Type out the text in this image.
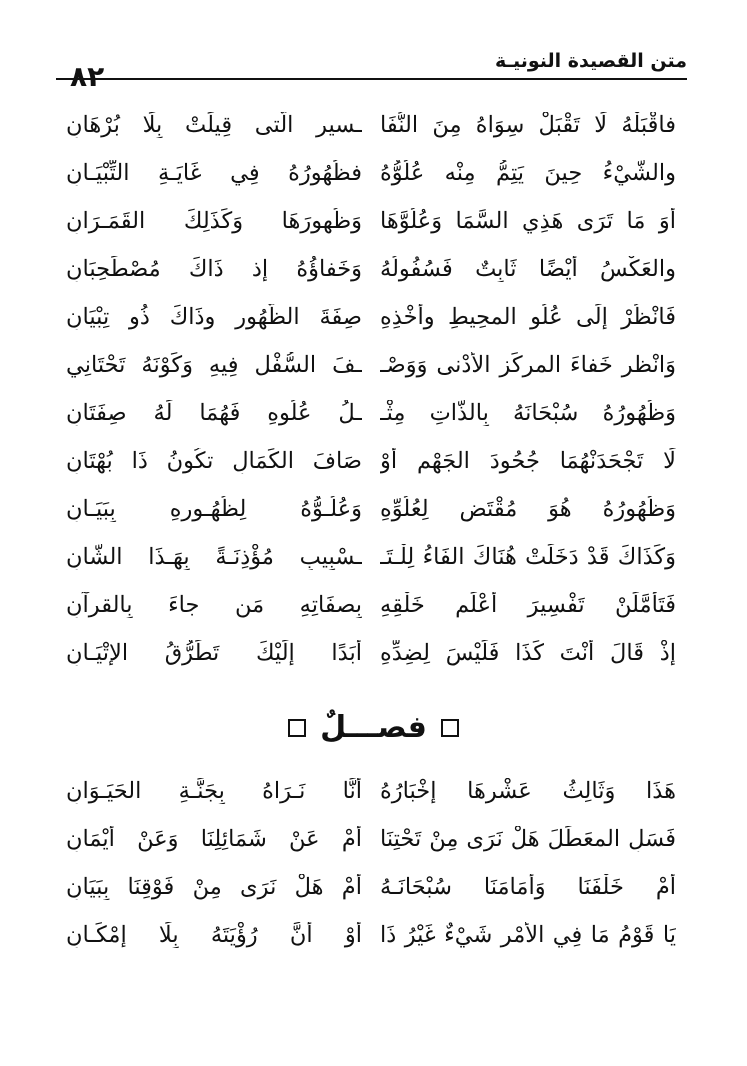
متن القصيدة النونيـة
٨٢
فاقْبَلْهُ لَا تَقْبَلْ سِوَاهُ مِنَ النُّفَا
ـسيرِ الَّتى قِيلَتْ بِلَا بُرْهَانِ
والشّيْءُ حِينَ يَتِمُّ مِنْه عُلُوُّهُ
فظُهُورُهُ فِي غَايَـةِ التِّبْيَـانِ
أَوَ مَا تَرَى هَذِي السَّمَا وَعُلُوَّهَا
وَظُهورَهَا وَكَذَلِكَ القَمَـرَانِ
والعَكْسُ أَيْضًا ثَابِتٌ فَسُفُولُهُ
وَخَفاؤُهُ إِذ ذَاكَ مُصْطَحِبَانِ
فَانْظُرْ إِلَى عُلُوِ المحِيطِ وأخْذِهِ
صِفَةَ الظُّهُورِ وذَاكَ ذُو تِبْيَانِ
وَانْظر خَفاءَ المركَزِ الأَدْنى وَوَصْـ
ـفَ السُّفْل فِيهِ وَكَوْنَهُ تَحْتَانِي
وَظُهُورُهُ سُبْحَانَهُ بِالذَّاتِ مِثْـ
ـلُ عُلُوِهِ فَهُمَا لَهُ صِفَتَانِ
لَا تَجْحَدَنْهُمَا جُحُودَ الجَهْمِ أَوْ
صَافَ الكَمَالِ تكُونُ ذَا بُهْتَانِ
وَظُهُورُهُ هُوَ مُقْتَضٍ لِعُلُوِّهِ
وَعُلُـوُّهُ لِظُهُـورِهِ بِبَيَـانِ
وَكَذَاكَ قَدْ دَخَلَتْ هُنَاكَ الفَاءُ لِلْـتَـ
ـسْبِيبِ مُؤْذِنَـةً بِهَـذَا الشَّانِ
فَتَأَمَّلَنْ تَفْسِيرَ أَعْلَمِ خَلْقِهِ
بِصفَاتِهِ مَن جاءَ بِالقرآنِ
إِذْ قَالَ أَنْتَ كَذَا فَلَيْسَ لِضِدِّهِ
أَبَدًا إِلَيْكَ تَطَرُّقُ الإِتْيَـانِ
فصـــلٌ
هَذَا وَثَالِثُ عَشْرِهَا إِخْبَارُهُ
أَنَّا نَـرَاهُ بِجَنَّـةِ الحَيَـوَانِ
فَسَلِ المعَطِّلَ هَلْ نَرَى مِنْ تَحْتِنَا
أَمْ عَنْ شَمَائِلِنَا وَعَنْ أَيْمَانِ
أَمْ خَلْفَنَا وَأَمَامَنَا سُبْحَانَـهُ
أَمْ هَلْ نَرَى مِنْ فَوْقِنَا بِبَيَانِ
يَا قَوْمُ مَا فِي الأَمْرِ شَيْءٌ غَيْرُ ذَا
أَوْ أَنَّ رُؤْيَتَهُ بِلَا إِمْكَـانِ
